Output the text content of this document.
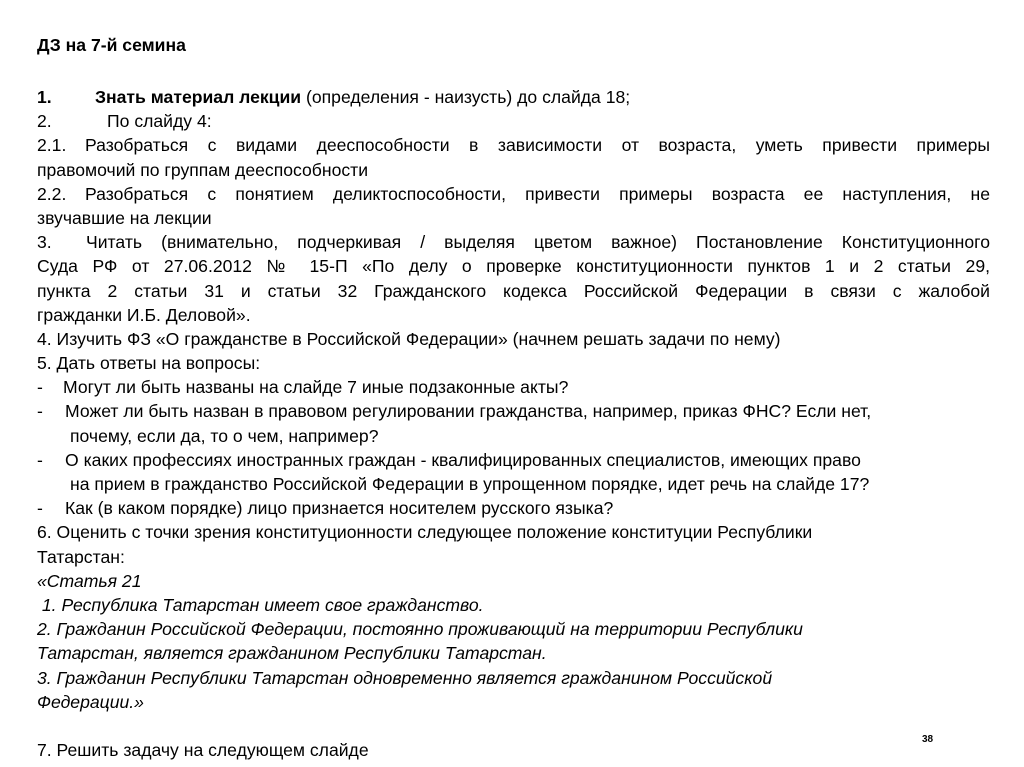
ДЗ на 7-й семина
1. Знать материал лекции (определения - наизусть) до слайда 18;
2.	По слайду 4:
2.1.	Разобраться с видами дееспособности в зависимости от возраста, уметь привести примеры
правомочий по группам дееспособности
2.2.	Разобраться с понятием деликтоспособности, привести примеры возраста ее наступления, не
звучавшие на лекции
3.	Читать (внимательно, подчеркивая / выделяя цветом важное) Постановление Конституционного
Суда РФ от 27.06.2012 № 15-П «По делу о проверке конституционности пунктов 1 и 2 статьи 29,
пункта 2 статьи 31 и статьи 32 Гражданского кодекса Российской Федерации в связи с жалобой
гражданки И.Б. Деловой».
4. Изучить ФЗ «О гражданстве в Российской Федерации» (начнем решать задачи по нему)
5. Дать ответы на вопросы:
- Могут ли быть названы на слайде 7 иные подзаконные акты?
- Может ли быть назван в правовом регулировании гражданства, например, приказ ФНС? Если нет,
почему, если да, то о чем, например?
- О каких профессиях иностранных граждан - квалифицированных специалистов, имеющих право
на прием в гражданство Российской Федерации в упрощенном порядке, идет речь на слайде 17?
- Как (в каком порядке) лицо признается носителем русского языка?
6. Оценить с точки зрения конституционности следующее положение конституции Республики
Татарстан:
«Статья 21
1. Республика Татарстан имеет свое гражданство.
2. Гражданин Российской Федерации, постоянно проживающий на территории Республики
Татарстан, является гражданином Республики Татарстан.
3. Гражданин Республики Татарстан одновременно является гражданином Российской
Федерации.»
7. Решить задачу на следующем слайде
38
